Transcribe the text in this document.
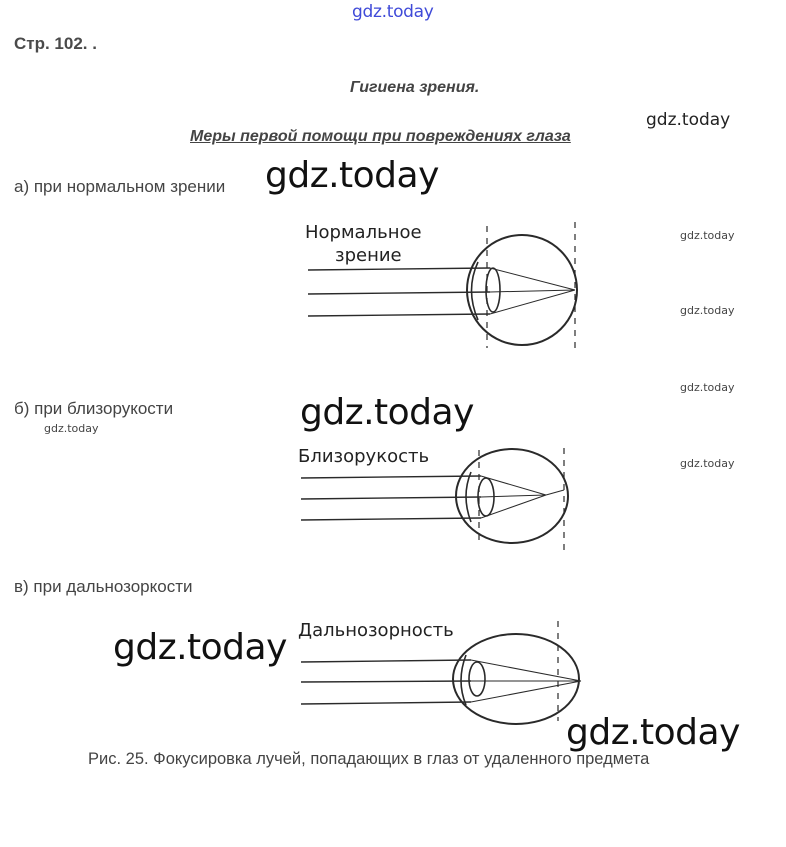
gdz.today
Стр. 102. .
Гигиена зрения.
gdz.today
Меры первой помощи при повреждениях глаза
а) при нормальном зрении gdz.today
gdz.today
gdz.today
Нормальное
зрение
gdz.today
б) при близорукости
gdz.today	gdz.today
gdz.today
Близорукость
в) при дальнозоркости
gdz.today Дальнозорность
gdz.today
Рис. 25. Фокусировка лучей, попадающих в глаз от удаленного предмета
